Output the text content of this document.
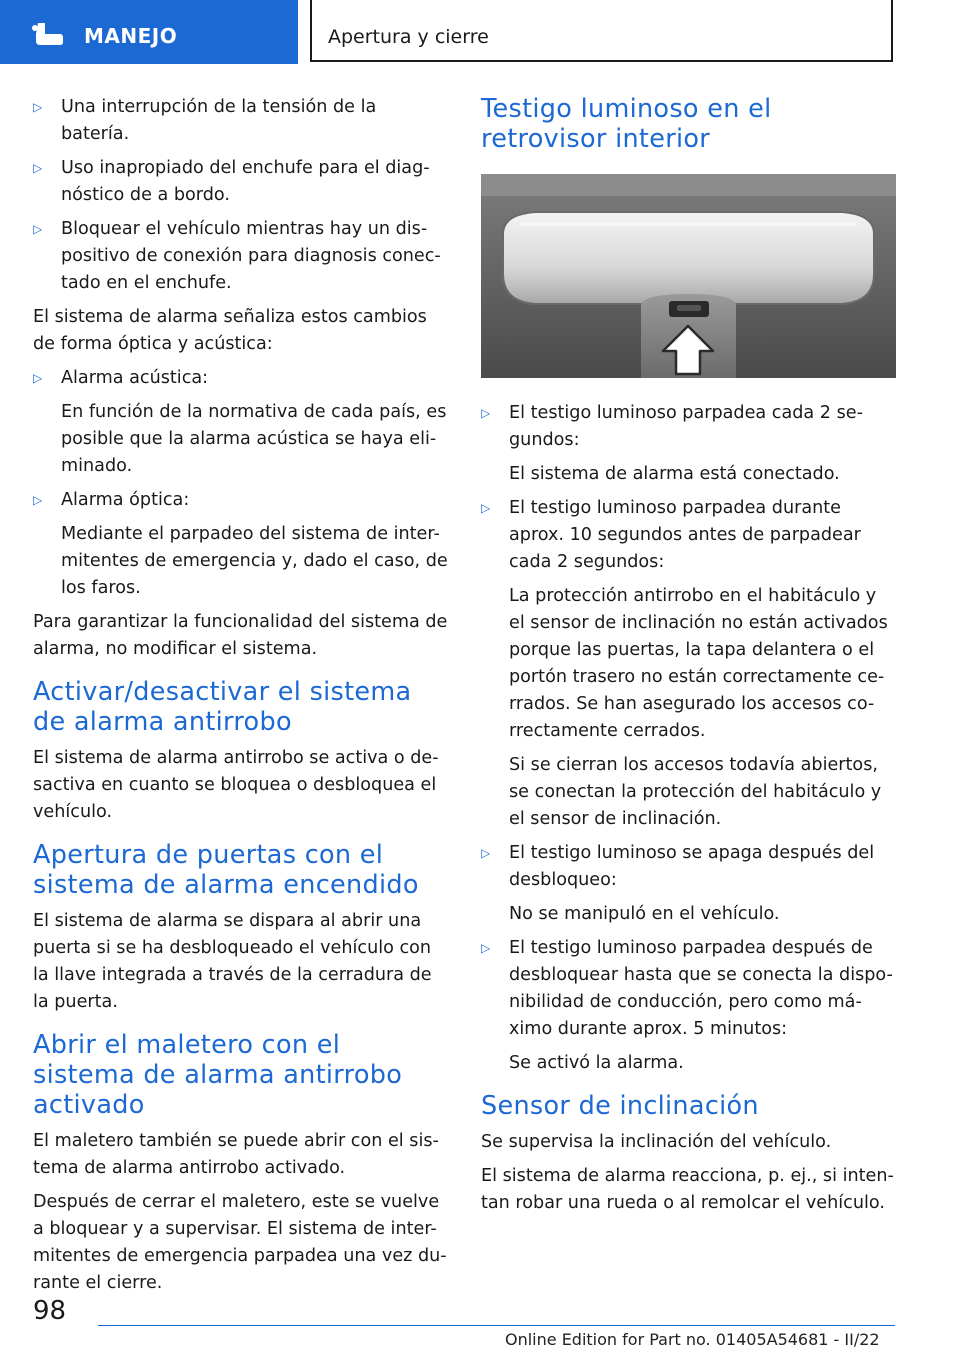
MANEJO	Apertura y cierre
▷	Una interrupción de la tensión de la batería.
▷	Uso inapropiado del enchufe para el diag-nóstico de a bordo.
▷	Bloquear el vehículo mientras hay un dis-positivo de conexión para diagnosis conec-tado en el enchufe.

El sistema de alarma señaliza estos cambios de forma óptica y acústica:

▷	Alarma acústica:
En función de la normativa de cada país, es posible que la alarma acústica se haya eli-minado.
▷	Alarma óptica:
Mediante el parpadeo del sistema de inter-mitentes de emergencia y, dado el caso, de los faros.

Para garantizar la funcionalidad del sistema de alarma, no modificar el sistema.

Activar/desactivar el sistema de alarma antirrobo

El sistema de alarma antirrobo se activa o de-sactiva en cuanto se bloquea o desbloquea el vehículo.

Apertura de puertas con el sistema de alarma encendido

El sistema de alarma se dispara al abrir una puerta si se ha desbloqueado el vehículo con la llave integrada a través de la cerradura de la puerta.

Abrir el maletero con el sistema de alarma antirrobo activado

El maletero también se puede abrir con el sis-tema de alarma antirrobo activado.

Después de cerrar el maletero, este se vuelve a bloquear y a supervisar. El sistema de inter-mitentes de emergencia parpadea una vez du-rante el cierre.

Testigo luminoso en el retrovisor interior
▷	El testigo luminoso parpadea cada 2 se-gundos:
El sistema de alarma está conectado.
▷	El testigo luminoso parpadea durante aprox. 10 segundos antes de parpadear cada 2 segundos:
La protección antirrobo en el habitáculo y el sensor de inclinación no están activados porque las puertas, la tapa delantera o el portón trasero no están correctamente ce-rrados. Se han asegurado los accesos co-rrectamente cerrados.
Si se cierran los accesos todavía abiertos, se conectan la protección del habitáculo y el sensor de inclinación.
▷	El testigo luminoso se apaga después del desbloqueo:
No se manipuló en el vehículo.
▷	El testigo luminoso parpadea después de desbloquear hasta que se conecta la dispo-nibilidad de conducción, pero como má-ximo durante aprox. 5 minutos:
Se activó la alarma.
Sensor de inclinación

Se supervisa la inclinación del vehículo.

El sistema de alarma reacciona, p. ej., si inten-tan robar una rueda o al remolcar el vehículo.

98
Online Edition for Part no. 01405A54681 - II/22
